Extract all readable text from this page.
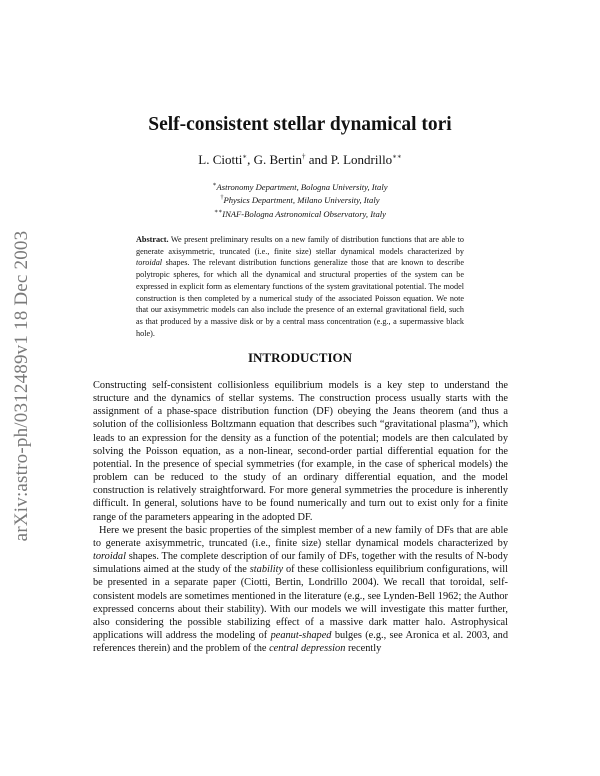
arXiv:astro-ph/0312489v1 18 Dec 2003
Self-consistent stellar dynamical tori
L. Ciotti∗, G. Bertin† and P. Londrillo∗∗
∗Astronomy Department, Bologna University, Italy
†Physics Department, Milano University, Italy
∗∗INAF-Bologna Astronomical Observatory, Italy
Abstract. We present preliminary results on a new family of distribution functions that are able to generate axisymmetric, truncated (i.e., finite size) stellar dynamical models characterized by toroidal shapes. The relevant distribution functions generalize those that are known to describe polytropic spheres, for which all the dynamical and structural properties of the system can be expressed in explicit form as elementary functions of the system gravitational potential. The model construction is then completed by a numerical study of the associated Poisson equation. We note that our axisymmetric models can also include the presence of an external gravitational field, such as that produced by a massive disk or by a central mass concentration (e.g., a supermassive black hole).
INTRODUCTION

Constructing self-consistent collisionless equilibrium models is a key step to understand the structure and the dynamics of stellar systems. The construction process usually starts with the assignment of a phase-space distribution function (DF) obeying the Jeans theorem (and thus a solution of the collisionless Boltzmann equation that describes such “gravitational plasma”), which leads to an expression for the density as a function of the potential; models are then calculated by solving the Poisson equation, as a non-linear, second-order partial differential equation for the potential. In the presence of special symmetries (for example, in the case of spherical models) the problem can be reduced to the study of an ordinary differential equation, and the model construction is relatively straightforward. For more general symmetries the procedure is inherently difficult. In general, solutions have to be found numerically and turn out to exist only for a finite range of the parameters appearing in the adopted DF.

Here we present the basic properties of the simplest member of a new family of DFs that are able to generate axisymmetric, truncated (i.e., finite size) stellar dynamical models characterized by toroidal shapes. The complete description of our family of DFs, together with the results of N-body simulations aimed at the study of the stability of these collisionless equilibrium configurations, will be presented in a separate paper (Ciotti, Bertin, Londrillo 2004). We recall that toroidal, self-consistent models are sometimes mentioned in the literature (e.g., see Lynden-Bell 1962; the Author expressed concerns about their stability). With our models we will investigate this matter further, also considering the possible stabilizing effect of a massive dark matter halo. Astrophysical applications will address the modeling of peanut-shaped bulges (e.g., see Aronica et al. 2003, and references therein) and the problem of the central depression recently
